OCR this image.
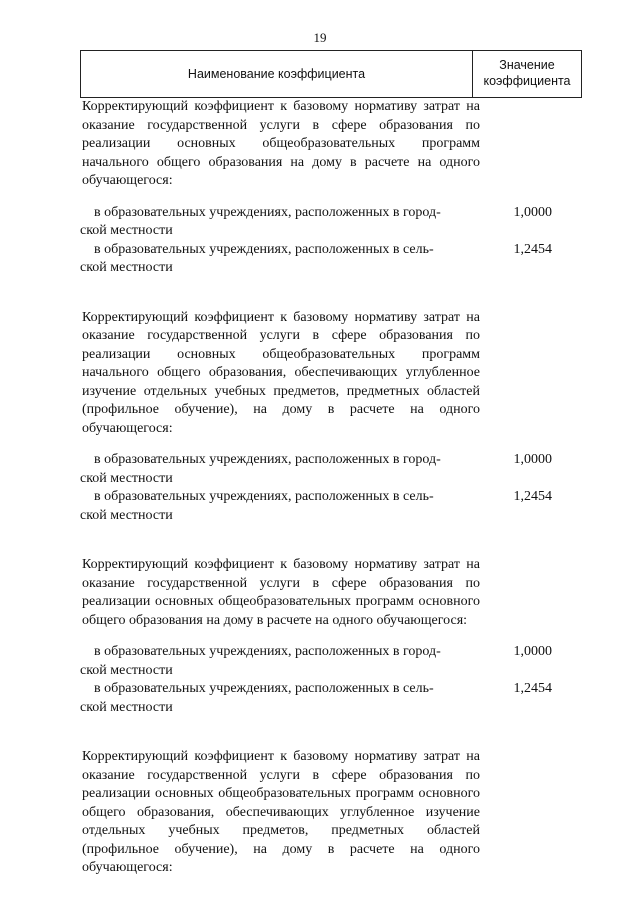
19
Наименование коэффициента
Значение
коэффициента
Корректирующий коэффициент к базовому нормативу затрат на оказание государственной услуги в сфере образования по реализации основных общеобразовательных программ начального общего образования на дому в расчете на одного обучающегося:
в образовательных учреждениях, расположенных в город-
ской местности
1,0000
в образовательных учреждениях, расположенных в сель-
ской местности
1,2454
Корректирующий коэффициент к базовому нормативу затрат на оказание государственной услуги в сфере образования по реализации основных общеобразовательных программ начального общего образования, обеспечивающих углубленное изучение отдельных учебных предметов, предметных областей (профильное обучение), на дому в расчете на одного обучающегося:
в образовательных учреждениях, расположенных в город-
ской местности
1,0000
в образовательных учреждениях, расположенных в сель-
ской местности
1,2454
Корректирующий коэффициент к базовому нормативу затрат на оказание государственной услуги в сфере образования по реализации основных общеобразовательных программ основного общего образования на дому в расчете на одного обучающегося:
в образовательных учреждениях, расположенных в город-
ской местности
1,0000
в образовательных учреждениях, расположенных в сель-
ской местности
1,2454
Корректирующий коэффициент к базовому нормативу затрат на оказание государственной услуги в сфере образования по реализации основных общеобразовательных программ основного общего образования, обеспечивающих углубленное изучение отдельных учебных предметов, предметных областей (профильное обучение), на дому в расчете на одного обучающегося:
